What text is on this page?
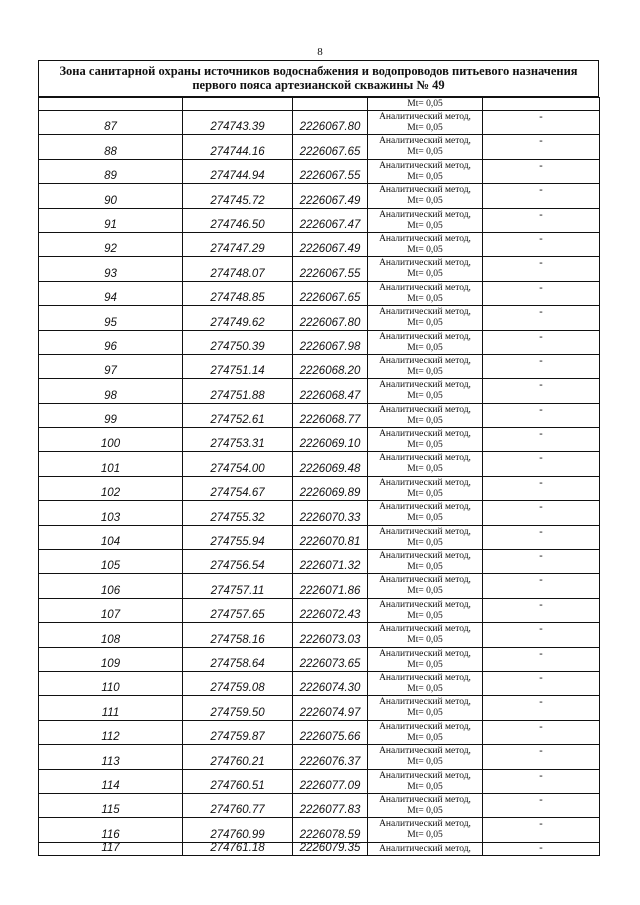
8
Зона санитарной охраны источников водоснабжения и водопроводов питьевого назначения
первого пояса артезианской скважины № 49
			Mt= 0,05	
87	274743.39	2226067.80	Аналитический метод,
Mt= 0,05	-
88	274744.16	2226067.65	Аналитический метод,
Mt= 0,05	-
89	274744.94	2226067.55	Аналитический метод,
Mt= 0,05	-
90	274745.72	2226067.49	Аналитический метод,
Mt= 0,05	-
91	274746.50	2226067.47	Аналитический метод,
Mt= 0,05	-
92	274747.29	2226067.49	Аналитический метод,
Mt= 0,05	-
93	274748.07	2226067.55	Аналитический метод,
Mt= 0,05	-
94	274748.85	2226067.65	Аналитический метод,
Mt= 0,05	-
95	274749.62	2226067.80	Аналитический метод,
Mt= 0,05	-
96	274750.39	2226067.98	Аналитический метод,
Mt= 0,05	-
97	274751.14	2226068.20	Аналитический метод,
Mt= 0,05	-
98	274751.88	2226068.47	Аналитический метод,
Mt= 0,05	-
99	274752.61	2226068.77	Аналитический метод,
Mt= 0,05	-
100	274753.31	2226069.10	Аналитический метод,
Mt= 0,05	-
101	274754.00	2226069.48	Аналитический метод,
Mt= 0,05	-
102	274754.67	2226069.89	Аналитический метод,
Mt= 0,05	-
103	274755.32	2226070.33	Аналитический метод,
Mt= 0,05	-
104	274755.94	2226070.81	Аналитический метод,
Mt= 0,05	-
105	274756.54	2226071.32	Аналитический метод,
Mt= 0,05	-
106	274757.11	2226071.86	Аналитический метод,
Mt= 0,05	-
107	274757.65	2226072.43	Аналитический метод,
Mt= 0,05	-
108	274758.16	2226073.03	Аналитический метод,
Mt= 0,05	-
109	274758.64	2226073.65	Аналитический метод,
Mt= 0,05	-
110	274759.08	2226074.30	Аналитический метод,
Mt= 0,05	-
111	274759.50	2226074.97	Аналитический метод,
Mt= 0,05	-
112	274759.87	2226075.66	Аналитический метод,
Mt= 0,05	-
113	274760.21	2226076.37	Аналитический метод,
Mt= 0,05	-
114	274760.51	2226077.09	Аналитический метод,
Mt= 0,05	-
115	274760.77	2226077.83	Аналитический метод,
Mt= 0,05	-
116	274760.99	2226078.59	Аналитический метод,
Mt= 0,05	-
117	274761.18	2226079.35	Аналитический метод,	-
